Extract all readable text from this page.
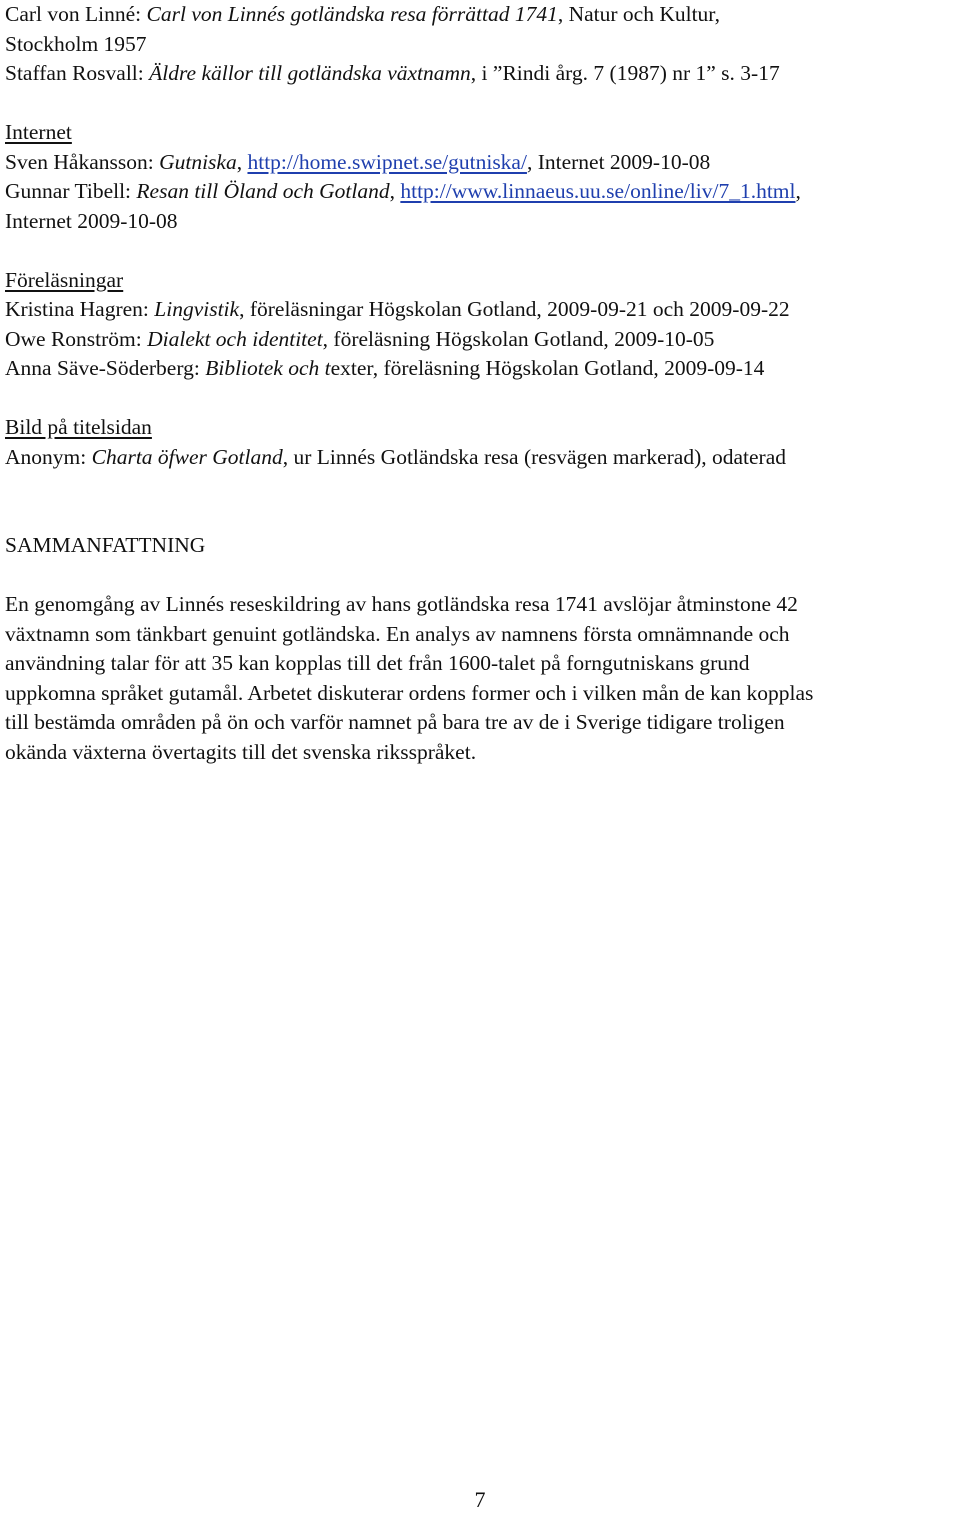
Carl von Linné: Carl von Linnés gotländska resa förrättad 1741, Natur och Kultur,
Stockholm 1957
Staffan Rosvall: Äldre källor till gotländska växtnamn, i ”Rindi årg. 7 (1987) nr 1” s. 3-17
Internet
Sven Håkansson: Gutniska, http://home.swipnet.se/gutniska/, Internet 2009-10-08
Gunnar Tibell: Resan till Öland och Gotland, http://www.linnaeus.uu.se/online/liv/7_1.html,
Internet 2009-10-08
Föreläsningar
Kristina Hagren: Lingvistik, föreläsningar Högskolan Gotland, 2009-09-21 och 2009-09-22
Owe Ronström: Dialekt och identitet, föreläsning Högskolan Gotland, 2009-10-05
Anna Säve-Söderberg: Bibliotek och texter, föreläsning Högskolan Gotland, 2009-09-14
Bild på titelsidan
Anonym: Charta öfwer Gotland, ur Linnés Gotländska resa (resvägen markerad), odaterad
SAMMANFATTNING
En genomgång av Linnés reseskildring av hans gotländska resa 1741 avslöjar åtminstone 42
växtnamn som tänkbart genuint gotländska. En analys av namnens första omnämnande och
användning talar för att 35 kan kopplas till det från 1600-talet på forngutniskans grund
uppkomna språket gutamål. Arbetet diskuterar ordens former och i vilken mån de kan kopplas
till bestämda områden på ön och varför namnet på bara tre av de i Sverige tidigare troligen
okända växterna övertagits till det svenska riksspråket.
7
